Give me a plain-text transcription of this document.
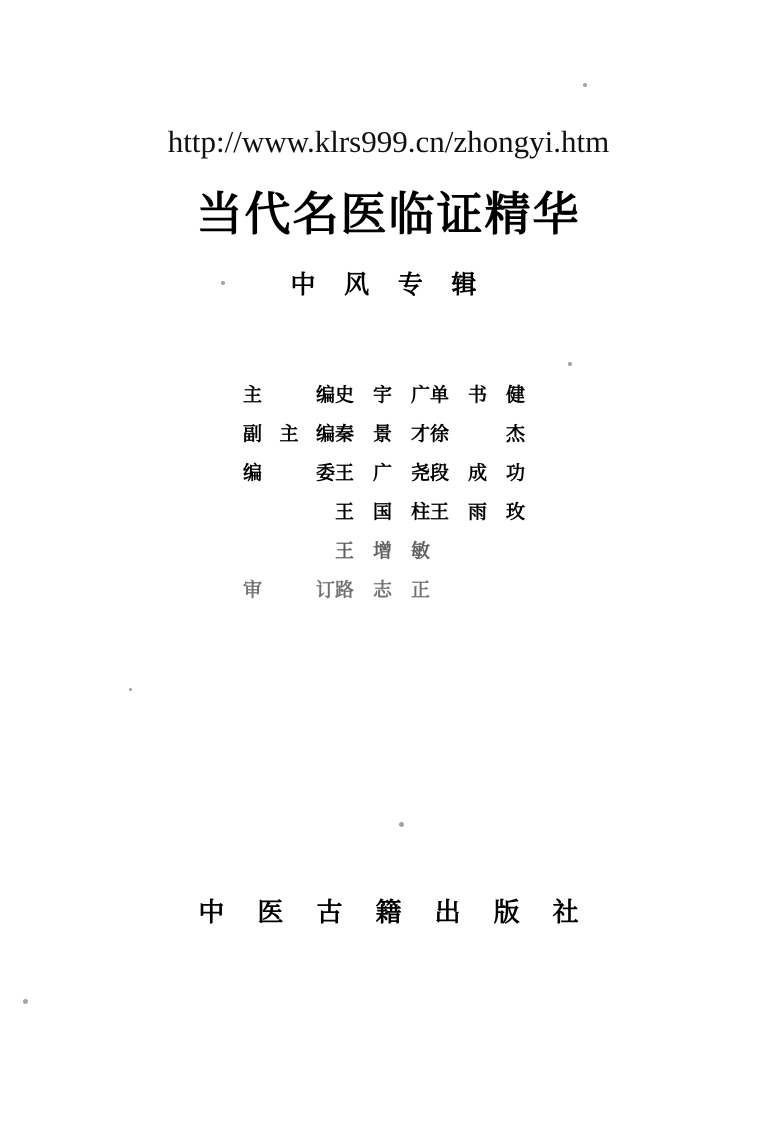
http://www.klrs999.cn/zhongyi.htm
当代名医临证精华
中 风 专 辑
主 编 史宇广 单书健
副主编 秦景才 徐 杰
编 委 王广尧 段成功
王国柱 王雨玫
王增敏
审 订 路志正
中 医 古 籍 出 版 社
